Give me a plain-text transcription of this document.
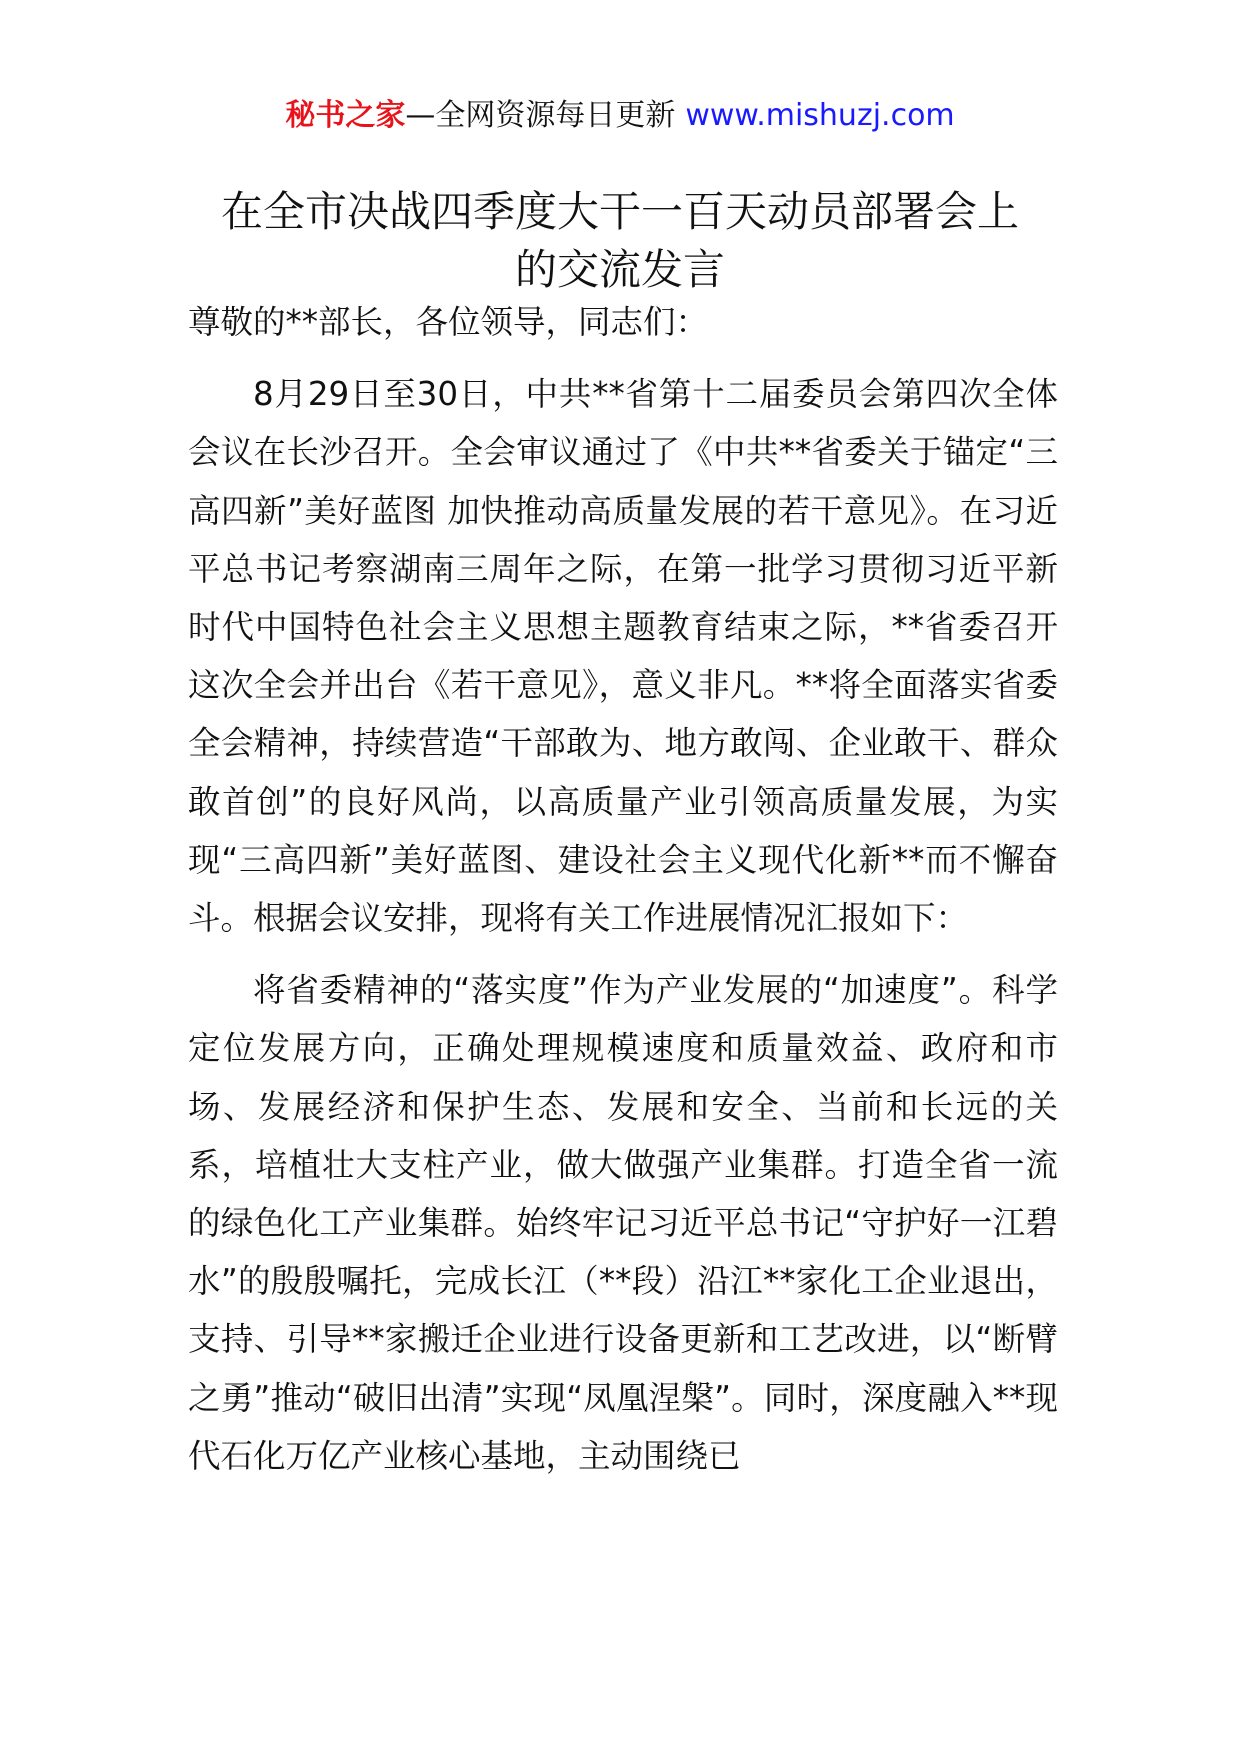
秘书之家—全网资源每日更新 www.mishuzj.com
在全市决战四季度大干一百天动员部署会上
的交流发言

尊敬的**部长，各位领导，同志们：

8月29日至30日，中共**省第十二届委员会第四次全体会议在长沙召开。全会审议通过了《中共**省委关于锚定“三高四新”美好蓝图 加快推动高质量发展的若干意见》。在习近平总书记考察湖南三周年之际，在第一批学习贯彻习近平新时代中国特色社会主义思想主题教育结束之际，**省委召开这次全会并出台《若干意见》，意义非凡。**将全面落实省委全会精神，持续营造“干部敢为、地方敢闯、企业敢干、群众敢首创”的良好风尚，以高质量产业引领高质量发展，为实现“三高四新”美好蓝图、建设社会主义现代化新**而不懈奋斗。根据会议安排，现将有关工作进展情况汇报如下：

将省委精神的“落实度”作为产业发展的“加速度”。科学定位发展方向，正确处理规模速度和质量效益、政府和市场、发展经济和保护生态、发展和安全、当前和长远的关系，培植壮大支柱产业，做大做强产业集群。打造全省一流的绿色化工产业集群。始终牢记习近平总书记“守护好一江碧水”的殷殷嘱托，完成长江（**段）沿江**家化工企业退出，支持、引导**家搬迁企业进行设备更新和工艺改进，以“断臂之勇”推动“破旧出清”实现“凤凰涅槃”。同时，深度融入**现代石化万亿产业核心基地，主动围绕已
